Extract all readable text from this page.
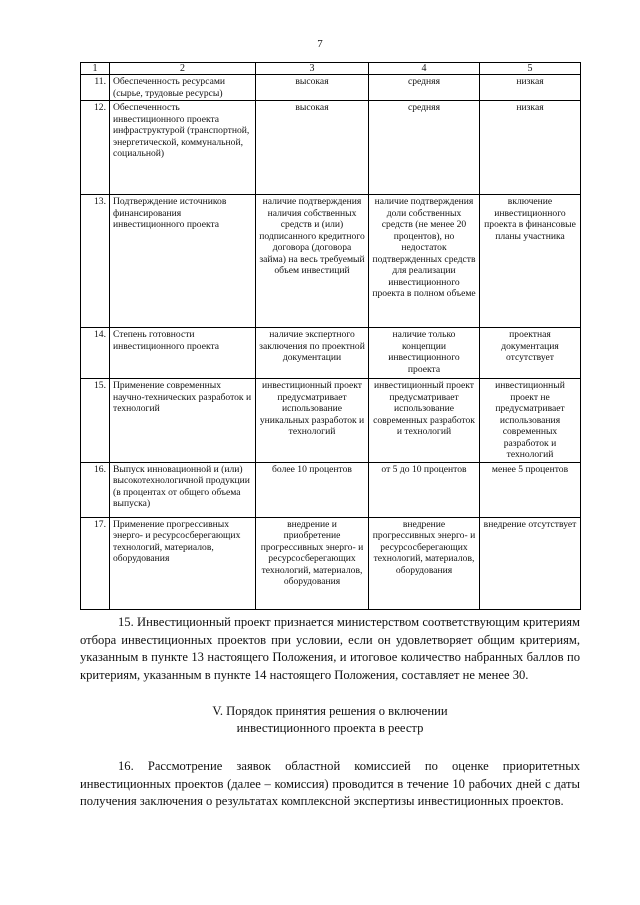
7
1	2	3	4	5
11.	Обеспеченность ресурсами (сырье, трудовые ресурсы)	высокая	средняя	низкая
12.	Обеспеченность инвестиционного проекта инфраструктурой (транспортной, энергетической, коммунальной, социальной)	высокая	средняя	низкая
13.	Подтверждение источников финансирования инвестиционного проекта	наличие подтверждения наличия собственных средств и (или) подписанного кредитного договора (договора займа) на весь требуемый объем инвестиций	наличие подтверждения доли собственных средств (не менее 20 процентов), но недостаток подтвержденных средств для реализации инвестиционного проекта в полном объеме	включение инвестиционного проекта в финансовые планы участника
14.	Степень готовности инвестиционного проекта	наличие экспертного заключения по проектной документации	наличие только концепции инвестиционного проекта	проектная документация отсутствует
15.	Применение современных научно-технических разработок и технологий	инвестиционный проект предусматривает использование уникальных разработок и технологий	инвестиционный проект предусматривает использование современных разработок и технологий	инвестиционный проект не предусматривает использования современных разработок и технологий
16.	Выпуск инновационной и (или) высокотехнологичной продукции (в процентах от общего объема выпуска)	более 10 процентов	от 5 до 10 процентов	менее 5 процентов
17.	Применение прогрессивных энерго- и ресурсосберегающих технологий, материалов, оборудования	внедрение и приобретение прогрессивных энерго- и ресурсосберегающих технологий, материалов, оборудования	внедрение прогрессивных энерго- и ресурсосберегающих технологий, материалов, оборудования	внедрение отсутствует

15. Инвестиционный проект признается министерством соответствующим критериям отбора инвестиционных проектов при условии, если он удовлетворяет общим критериям, указанным в пункте 13 настоящего Положения, и итоговое количество набранных баллов по критериям, указанным в пункте 14 настоящего Положения, составляет не менее 30.

V. Порядок принятия решения о включении
инвестиционного проекта в реестр

16. Рассмотрение заявок областной комиссией по оценке приоритетных инвестиционных проектов (далее – комиссия) проводится в течение 10 рабочих дней с даты получения заключения о результатах комплексной экспертизы инвестиционных проектов.
